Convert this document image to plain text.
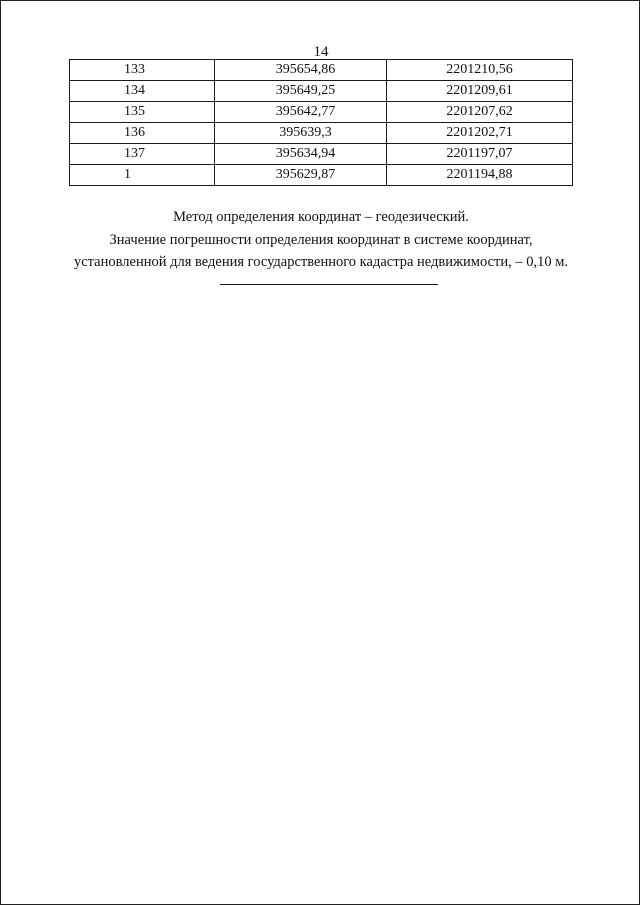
14
133	395654,86	2201210,56
134	395649,25	2201209,61
135	395642,77	2201207,62
136	395639,3	2201202,71
137	395634,94	2201197,07
1	395629,87	2201194,88
Метод определения координат – геодезический.
Значение погрешности определения координат в системе координат,
установленной для ведения государственного кадастра недвижимости, – 0,10 м.
